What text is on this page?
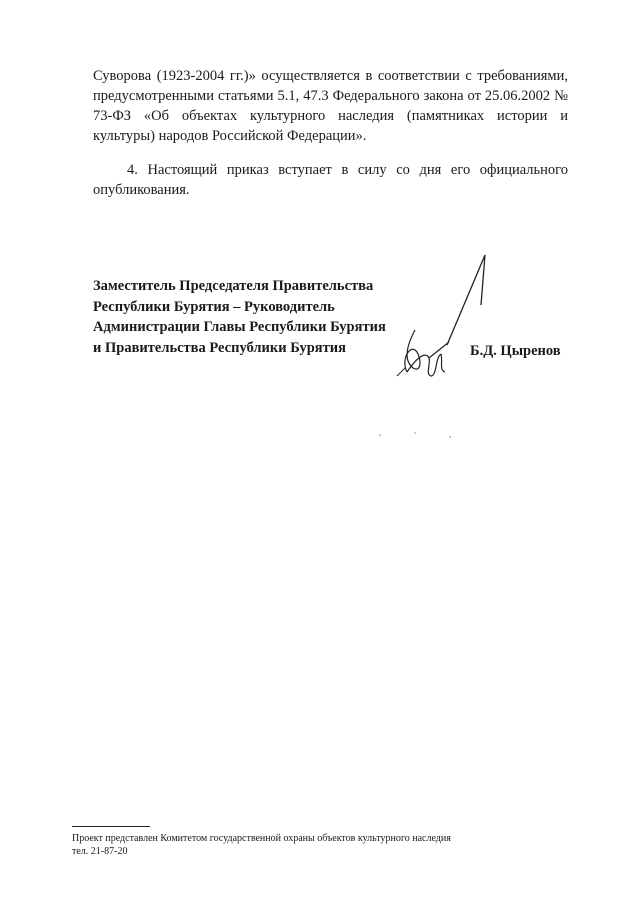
Суворова (1923-2004 гг.)» осуществляется в соответствии с требованиями, предусмотренными статьями 5.1, 47.3 Федерального закона от 25.06.2002 № 73-ФЗ «Об объектах культурного наследия (памятниках истории и культуры) народов Российской Федерации».

4. Настоящий приказ вступает в силу со дня его официального опубликования.

Заместитель Председателя Правительства
Республики Бурятия – Руководитель
Администрации Главы Республики Бурятия
и Правительства Республики Бурятия	Б.Д. Цыренов
Проект представлен Комитетом государственной охраны объектов культурного наследия
тел. 21-87-20
